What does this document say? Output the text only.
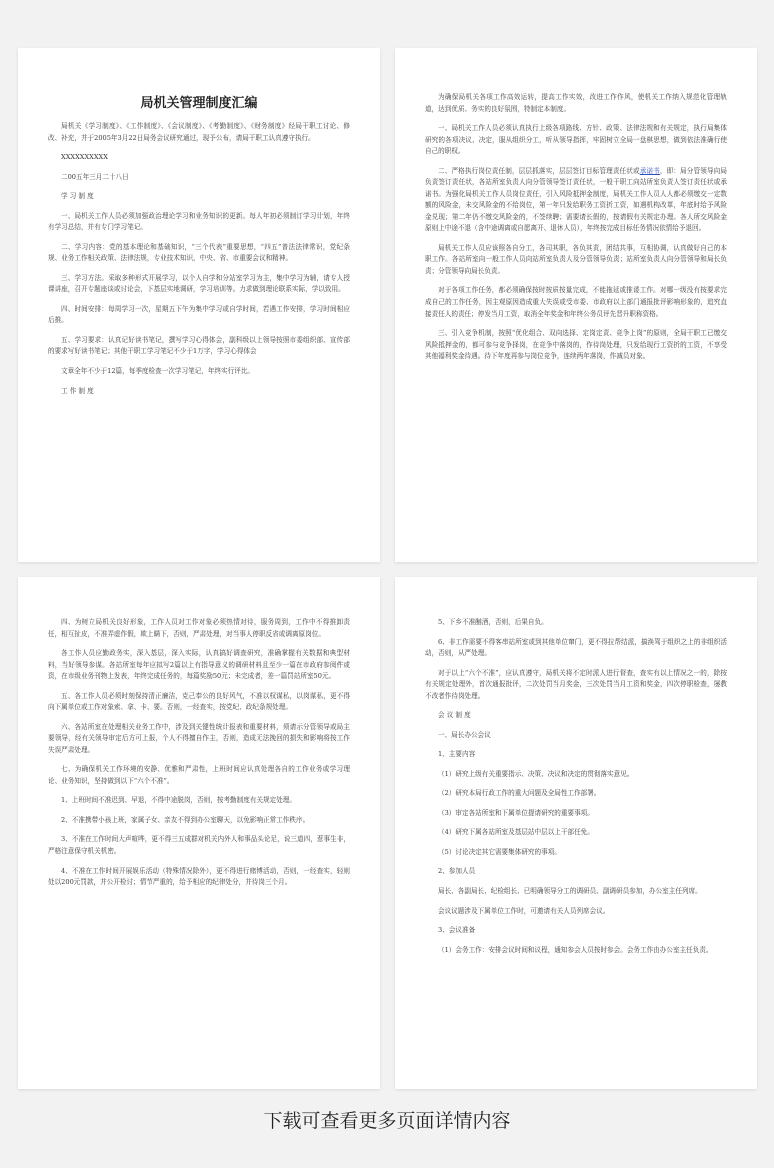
局机关管理制度汇编

局机关《学习制度》、《工作制度》、《会议制度》、《考勤制度》、《财务制度》经局干职工讨论、修改、补充，并于2005年3月22日局务会议研究通过，现予公布，请局干职工认真遵守执行。

XXXXXXXXXX

二00五年三月二十八日

学 习 制 度

一、局机关工作人员必须加强政治理论学习和业务知识的更新。每人年初必须制订学习计划，年终有学习总结，并有专门学习笔记。

二、学习内容：党的基本理论和基础知识，“三个代表”重要思想，“四五”普法法律常识，党纪条规、业务工作相关政策、法律法规，专业技术知识，中央、省、市重要会议和精神。

三、学习方法。采取多种形式开展学习，以个人自学和分站室学习为主，集中学习为辅，请专人授课讲座，召开专题座谈或讨论会，下基层实地调研，学习培训等。力求做到理论联系实际，学以致用。

四、时间安排：每周学习一次，星期五下午为集中学习或自学时间，若遇工作安排，学习时间相应后推。

五、学习要求：认真记好读书笔记，撰写学习心得体会，副科级以上领导按照市委组织部、宣传部的要求写好读书笔记；其他干职工学习笔记不少于1万字，学习心得体会

文章全年不少于12篇，每季度检查一次学习笔记，年终实行评比。

工 作 制 度

为确保局机关各项工作高效运转，提高工作实效，改进工作作风，使机关工作纳入规范化管理轨道，达到优质、务实的良好氛围，特制定本制度。

一、局机关工作人员必须认真执行上级各项路线、方针、政策、法律法规和有关规定，执行局集体研究的各项决议、决定，服从组织分工，听从领导指挥，牢固树立全局一盘棋思想，做到依法准确行使自己的职权。

二、严格执行岗位责任制，层层抓落实，层层签订目标管理责任状或承诺书，即：局分管领导向局负责签订责任状，各站所室负责人向分管领导签订责任状，一般干职工向站所室负责人签订责任状或承诺书。为强化局机关工作人员岗位责任，引入风险抵押金制度，局机关工作人员人人都必须缴交一定数额的风险金，未交风险金的不给岗位，第一年只发给职务工资折工资，如遇机构改革，年底时给予风险金兑现；第二年仍不缴交风险金的，不签续聘；需要请长假的，按请假有关规定办理。各人所交风险金原则上中途不退（含中途调离或自愿离开、退休人员），年终按完成目标任务情况依情给予退回。

局机关工作人员应该照各自分工，各司其职，各负其责，团结共事，互相协调，认真做好自己的本职工作。各站所室向一般工作人员向站所室负责人及分管领导负责；站所室负责人向分管领导和局长负责；分管领导向局长负责。

对于各项工作任务，都必须确保按时按质按量完成，不能拖延或推诿工作。对哪一级没有按要求完成自己的工作任务，因主观原因造成重大失误或受市委、市政府以上部门通报批评影响形象的，追究直接责任人的责任；停发当月工资，取消全年奖金和年终公务员评先晋升职称资格。

三、引入竞争机制，按照“优化组合、双向选择、定岗定责、竞争上岗”的原则，全局干职工已缴交风险抵押金的，都可参与竞争择岗，在竞争中落岗的，作待岗处理，只发给现行工资折的工资，不享受其他福利奖金待遇。待下年度再参与岗位竞争，连续两年落岗，作减员对象。

四、为树立局机关良好形象，工作人员对工作对象必须热情对待，服务周到，工作中不得推卸责任，相互扯皮，不准弄虚作假，欺上瞒下，否则，严肃处理，对当事人停职反省或调离原岗位。

各工作人员应勤政务实，深入基层，深入实际，认真搞好调查研究，准确掌握有关数据和典型材料，当好领导参谋。各站所室每年应拟写2篇以上有指导意义的调研材料且至少一篇在市政府参阅件或资，在市级业务刊物上发表，年终完成任务的，每篇奖励50元；未完成者，差一篇罚站所室50元。

五、各工作人员必须时刻保持清正廉洁，克己奉公的良好风气，不准以权谋私，以岗谋私，更不得向下属单位或工作对象索、拿、卡、要。否则，一经查实，按党纪、政纪条规处理。

六、各站所室在处理相关业务工作中，涉及到关键性统计报表和重要材料，须请示分管领导或局主要领导，经有关领导审定后方可上报，个人不得擅自作主，否则，造成无法挽回的损失和影响将按工作失误严肃处理。

七、为确保机关工作环境的安静、优雅和严肃性，上班时间应认真处理各自的工作业务或学习理论、业务知识，坚持做到以下“六个不准”。

1、上班时间不准迟到、早退，不得中途脱岗，否则，按考勤制度有关规定处理。

2、不准携带小孩上班，家属子女、亲友不得到办公室聊天，以免影响正常工作秩序。

3、不准在工作时间大声喧哗，更不得三五成群对机关内外人和事品头论足，说三道四，惹事生非，严格注意保守机关机密。

4、不准在工作时间开展娱乐活动（特殊情况除外），更不得进行赌博活动，否则，一经查实，轻则处以200元罚款，并公开检讨；情节严重的，给予相应的纪律处分，并待岗三个月。

5、下乡不准酗酒，否则，后果自负。

6、非工作需要不得客串站所室或到其他单位窜门，更不得拉帮结派，搞涣驾于组织之上的非组织活动，否则，从严处理。

对于以上“六个不准”，应认真遵守，局机关将不定时派人进行督查，查实有以上情况之一的，除按有关规定处理外，首次通报批评，二次处罚当月奖金，三次处罚当月工资和奖金，四次停职检查，屡教不改者作待岗处理。

会 议 制 度

一、局长办公会议

1、主要内容

（1）研究上级有关重要指示、决策、决议和决定的贯彻落实意见。

（2）研究本局行政工作的重大问题及全局性工作部署。

（3）审定各站所室和下属单位提请研究的重要事项。

（4）研究下属各站所室及基层站中层以上干部任免。

（5）讨论决定其它需要集体研究的事项。

2、参加人员

局长、各副局长、纪检组长、已明确领导分工的调研员、副调研员参加，办公室主任列席。

会议议题涉及下属单位工作时，可邀请有关人员列席会议。

3、会议准备

（1）会务工作：安排会议时间和议程，通知参会人员按时参会。会务工作由办公室主任负责。

下载可查看更多页面详情内容
